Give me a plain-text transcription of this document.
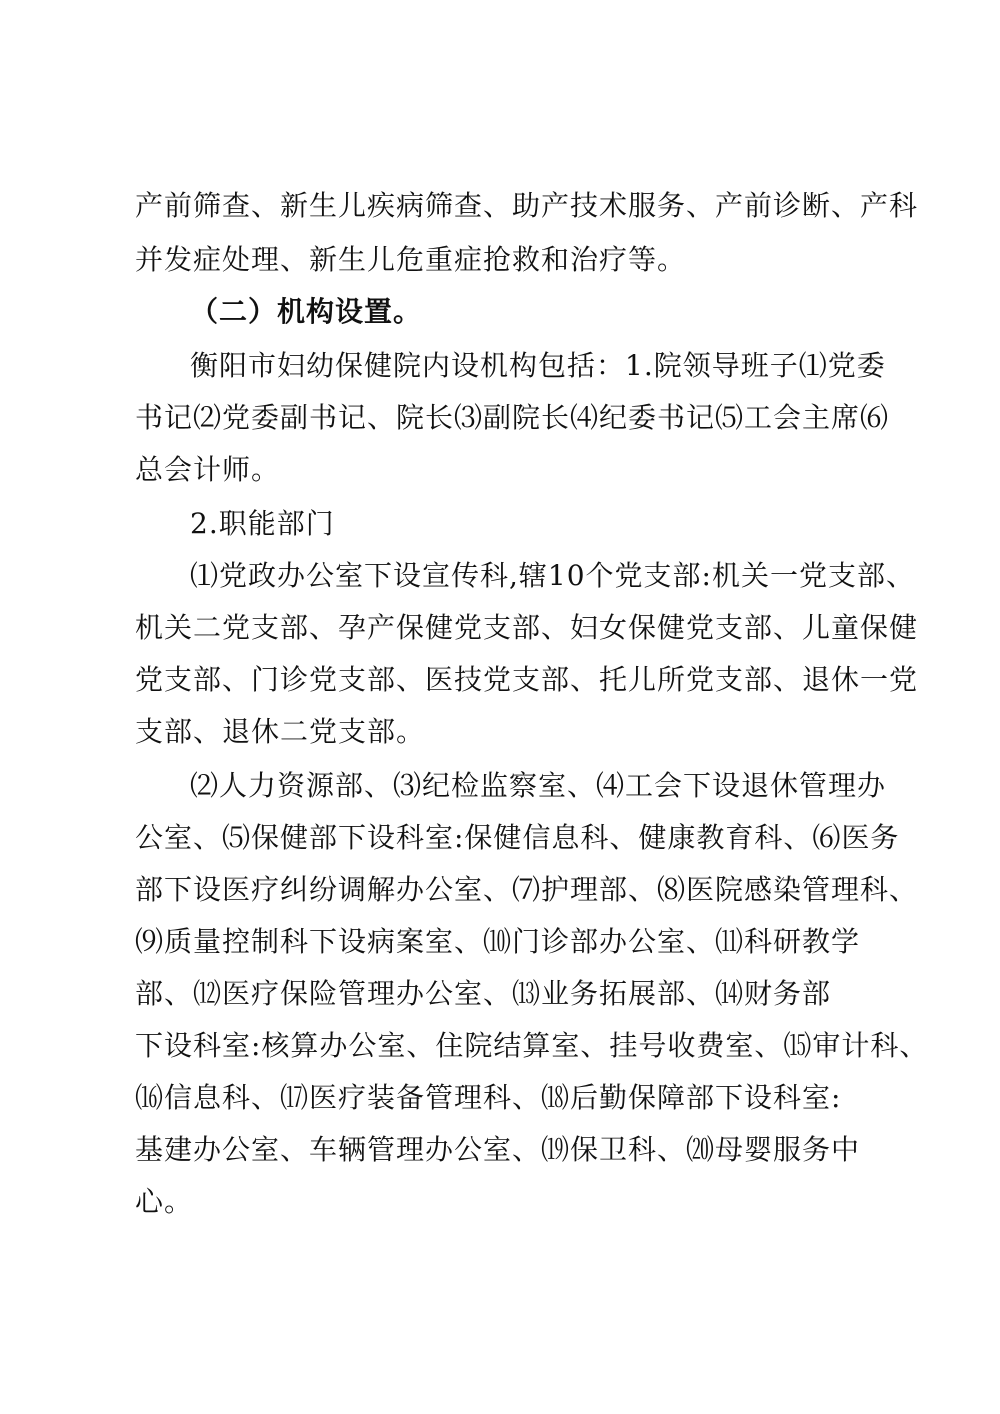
产前筛查、新生儿疾病筛查、助产技术服务、产前诊断、产科
并发症处理、新生儿危重症抢救和治疗等。
（二）机构设置。
衡阳市妇幼保健院内设机构包括：1.院领导班子⑴党委
书记⑵党委副书记、院长⑶副院长⑷纪委书记⑸工会主席⑹
总会计师。
2.职能部门
⑴党政办公室下设宣传科,辖10个党支部:机关一党支部、
机关二党支部、孕产保健党支部、妇女保健党支部、儿童保健
党支部、门诊党支部、医技党支部、托儿所党支部、退休一党
支部、退休二党支部。
⑵人力资源部、⑶纪检监察室、⑷工会下设退休管理办
公室、⑸保健部下设科室:保健信息科、健康教育科、⑹医务
部下设医疗纠纷调解办公室、⑺护理部、⑻医院感染管理科、
⑼质量控制科下设病案室、⑽门诊部办公室、⑾科研教学
部、⑿医疗保险管理办公室、⒀业务拓展部、⒁财务部
下设科室:核算办公室、住院结算室、挂号收费室、⒂审计科、
⒃信息科、⒄医疗装备管理科、⒅后勤保障部下设科室:
基建办公室、车辆管理办公室、⒆保卫科、⒇母婴服务中
心。
